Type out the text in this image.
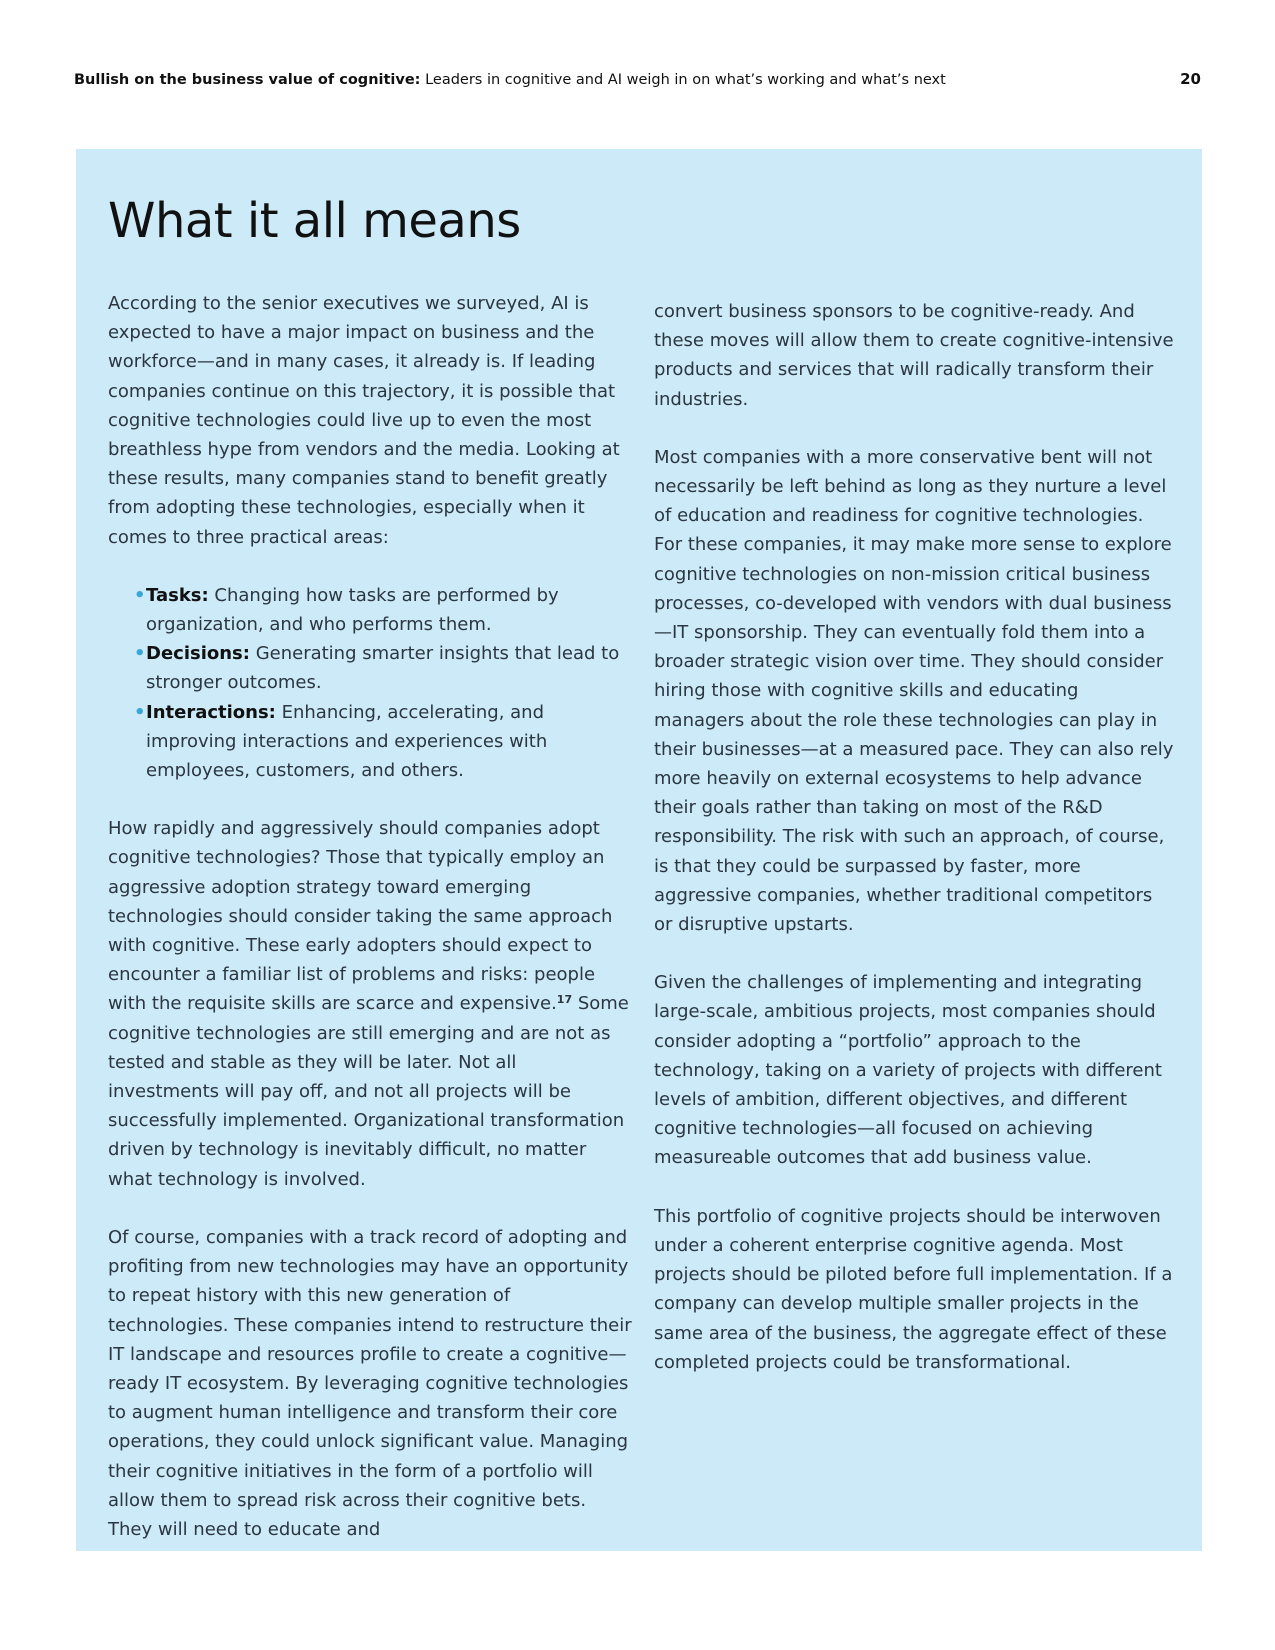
Bullish on the business value of cognitive: Leaders in cognitive and AI weigh in on what’s working and what’s next	20
What it all means

According to the senior executives we surveyed, AI is expected to have a major impact on business and the workforce—and in many cases, it already is. If leading companies continue on this trajectory, it is possible that cognitive technologies could live up to even the most breathless hype from vendors and the media. Looking at these results, many companies stand to benefit greatly from adopting these technologies, especially when it comes to three practical areas:

• Tasks: Changing how tasks are performed by organization, and who performs them.
• Decisions: Generating smarter insights that lead to stronger outcomes.
• Interactions: Enhancing, accelerating, and improving interactions and experiences with employees, customers, and others.

How rapidly and aggressively should companies adopt cognitive technologies? Those that typically employ an aggressive adoption strategy toward emerging technologies should consider taking the same approach with cognitive. These early adopters should expect to encounter a familiar list of problems and risks: people with the requisite skills are scarce and expensive.$^{17}$ Some cognitive technologies are still emerging and are not as tested and stable as they will be later. Not all investments will pay off, and not all projects will be successfully implemented. Organizational transformation driven by technology is inevitably difficult, no matter what technology is involved.

Of course, companies with a track record of adopting and profiting from new technologies may have an opportunity to repeat history with this new generation of technologies. These companies intend to restructure their IT landscape and resources profile to create a cognitive—ready IT ecosystem. By leveraging cognitive technologies to augment human intelligence and transform their core operations, they could unlock significant value. Managing their cognitive initiatives in the form of a portfolio will allow them to spread risk across their cognitive bets. They will need to educate and

convert business sponsors to be cognitive-ready. And these moves will allow them to create cognitive-intensive products and services that will radically transform their industries.

Most companies with a more conservative bent will not necessarily be left behind as long as they nurture a level of education and readiness for cognitive technologies.
For these companies, it may make more sense to explore cognitive technologies on non-mission critical business processes, co-developed with vendors with dual business—IT sponsorship. They can eventually fold them into a broader strategic vision over time. They should consider hiring those with cognitive skills and educating managers about the role these technologies can play in their businesses—at a measured pace. They can also rely more heavily on external ecosystems to help advance their goals rather than taking on most of the R&D responsibility. The risk with such an approach, of course, is that they could be surpassed by faster, more aggressive companies, whether traditional competitors or disruptive upstarts.

Given the challenges of implementing and integrating large-scale, ambitious projects, most companies should consider adopting a “portfolio” approach to the technology, taking on a variety of projects with different levels of ambition, different objectives, and different cognitive technologies—all focused on achieving measureable outcomes that add business value.

This portfolio of cognitive projects should be interwoven under a coherent enterprise cognitive agenda. Most projects should be piloted before full implementation. If a company can develop multiple smaller projects in the same area of the business, the aggregate effect of these completed projects could be transformational.
